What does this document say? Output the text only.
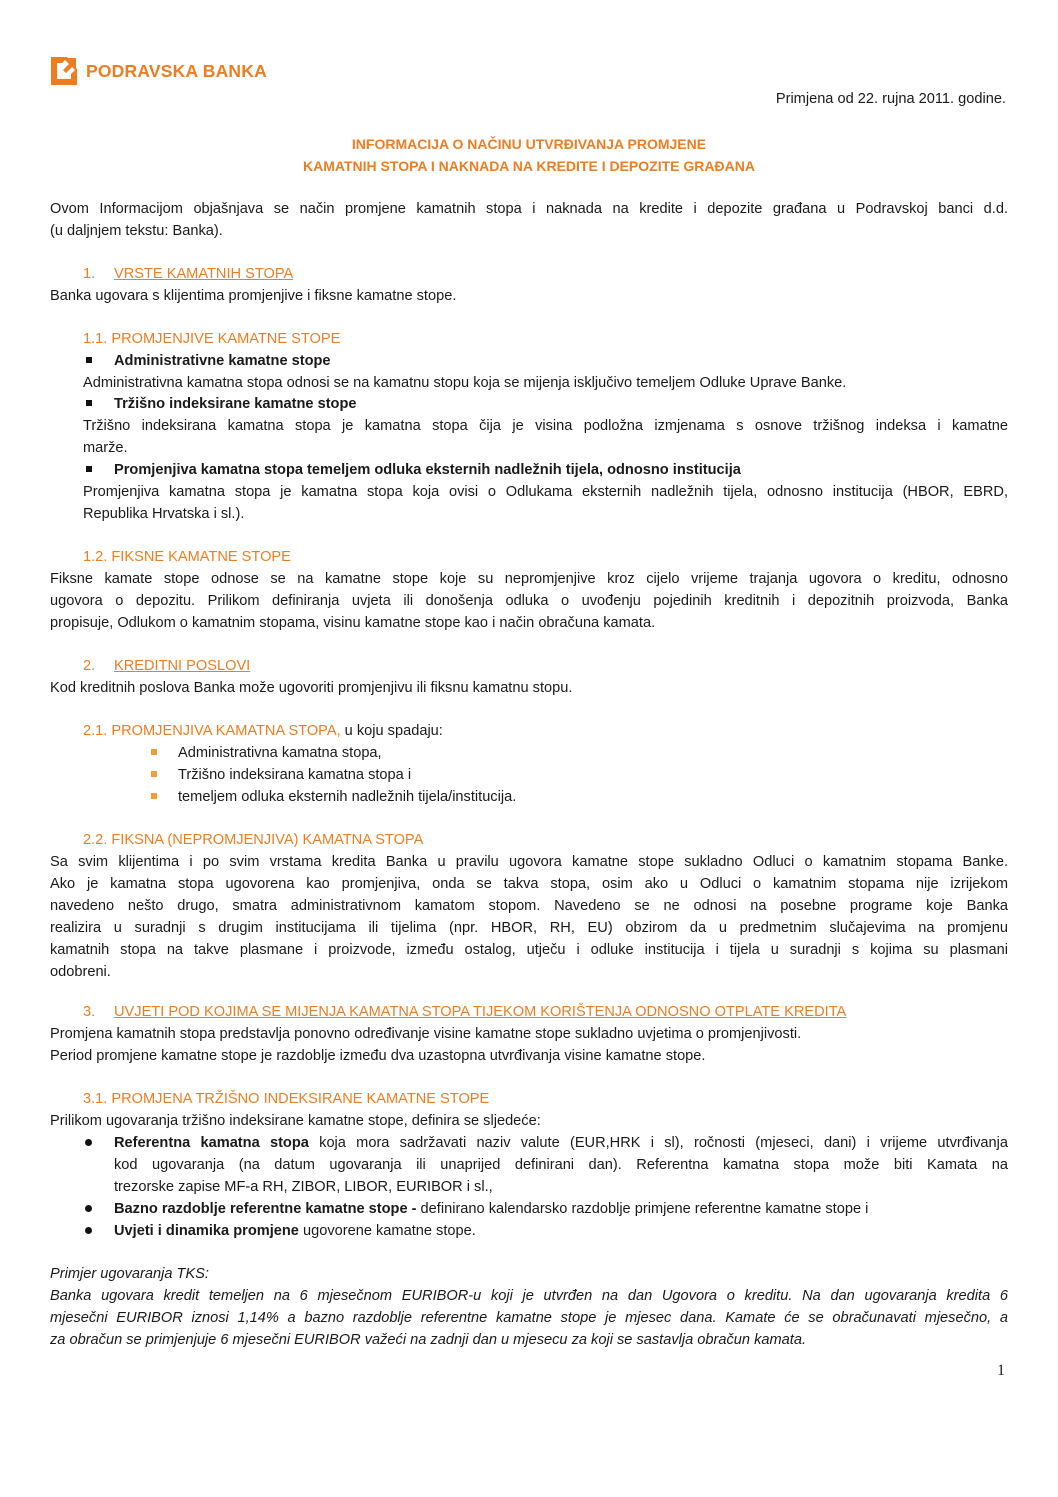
PODRAVSKA BANKA
Primjena od 22. rujna 2011. godine.
INFORMACIJA O NAČINU UTVRĐIVANJA PROMJENE
KAMATNIH STOPA I NAKNADA NA KREDITE I DEPOZITE GRAĐANA
Ovom Informacijom objašnjava se način promjene kamatnih stopa i naknada na kredite i depozite građana u Podravskoj banci d.d.
(u daljnjem tekstu: Banka).
1. VRSTE KAMATNIH STOPA
Banka ugovara s klijentima promjenjive i fiksne kamatne stope.
1.1. PROMJENJIVE KAMATNE STOPE
Administrativne kamatne stope
Administrativna kamatna stopa odnosi se na kamatnu stopu koja se mijenja isključivo temeljem Odluke Uprave Banke.
Tržišno indeksirane kamatne stope
Tržišno indeksirana kamatna stopa je kamatna stopa čija je visina podložna izmjenama s osnove tržišnog indeksa i kamatne
marže.
Promjenjiva kamatna stopa temeljem odluka eksternih nadležnih tijela, odnosno institucija
Promjenjiva kamatna stopa je kamatna stopa koja ovisi o Odlukama eksternih nadležnih tijela, odnosno institucija (HBOR, EBRD,
Republika Hrvatska i sl.).
1.2. FIKSNE KAMATNE STOPE
Fiksne kamate stope odnose se na kamatne stope koje su nepromjenjive kroz cijelo vrijeme trajanja ugovora o kreditu, odnosno
ugovora o depozitu. Prilikom definiranja uvjeta ili donošenja odluka o uvođenju pojedinih kreditnih i depozitnih proizvoda, Banka
propisuje, Odlukom o kamatnim stopama, visinu kamatne stope kao i način obračuna kamata.
2. KREDITNI POSLOVI
Kod kreditnih poslova Banka može ugovoriti promjenjivu ili fiksnu kamatnu stopu.
2.1. PROMJENJIVA KAMATNA STOPA, u koju spadaju:
Administrativna kamatna stopa,
Tržišno indeksirana kamatna stopa i
temeljem odluka eksternih nadležnih tijela/institucija.
2.2. FIKSNA (NEPROMJENJIVA) KAMATNA STOPA
Sa svim klijentima i po svim vrstama kredita Banka u pravilu ugovora kamatne stope sukladno Odluci o kamatnim stopama Banke.
Ako je kamatna stopa ugovorena kao promjenjiva, onda se takva stopa, osim ako u Odluci o kamatnim stopama nije izrijekom
navedeno nešto drugo, smatra administrativnom kamatom stopom. Navedeno se ne odnosi na posebne programe koje Banka
realizira u suradnji s drugim institucijama ili tijelima (npr. HBOR, RH, EU) obzirom da u predmetnim slučajevima na promjenu
kamatnih stopa na takve plasmane i proizvode, između ostalog, utječu i odluke institucija i tijela u suradnji s kojima su plasmani
odobreni.
3. UVJETI POD KOJIMA SE MIJENJA KAMATNA STOPA TIJEKOM KORIŠTENJA ODNOSNO OTPLATE KREDITA
Promjena kamatnih stopa predstavlja ponovno određivanje visine kamatne stope sukladno uvjetima o promjenjivosti.
Period promjene kamatne stope je razdoblje između dva uzastopna utvrđivanja visine kamatne stope.
3.1. PROMJENA TRŽIŠNO INDEKSIRANE KAMATNE STOPE
Prilikom ugovaranja tržišno indeksirane kamatne stope, definira se sljedeće:
Referentna kamatna stopa koja mora sadržavati naziv valute (EUR,HRK i sl), ročnosti (mjeseci, dani) i vrijeme utvrđivanja
kod ugovaranja (na datum ugovaranja ili unaprijed definirani dan). Referentna kamatna stopa može biti Kamata na
trezorske zapise MF-a RH, ZIBOR, LIBOR, EURIBOR i sl.,
Bazno razdoblje referentne kamatne stope - definirano kalendarsko razdoblje primjene referentne kamatne stope i
Uvjeti i dinamika promjene ugovorene kamatne stope.
Primjer ugovaranja TKS:
Banka ugovara kredit temeljen na 6 mjesečnom EURIBOR-u koji je utvrđen na dan Ugovora o kreditu. Na dan ugovaranja kredita 6
mjesečni EURIBOR iznosi 1,14% a bazno razdoblje referentne kamatne stope je mjesec dana. Kamate će se obračunavati mjesečno, a
za obračun se primjenjuje 6 mjesečni EURIBOR važeći na zadnji dan u mjesecu za koji se sastavlja obračun kamata.
1
